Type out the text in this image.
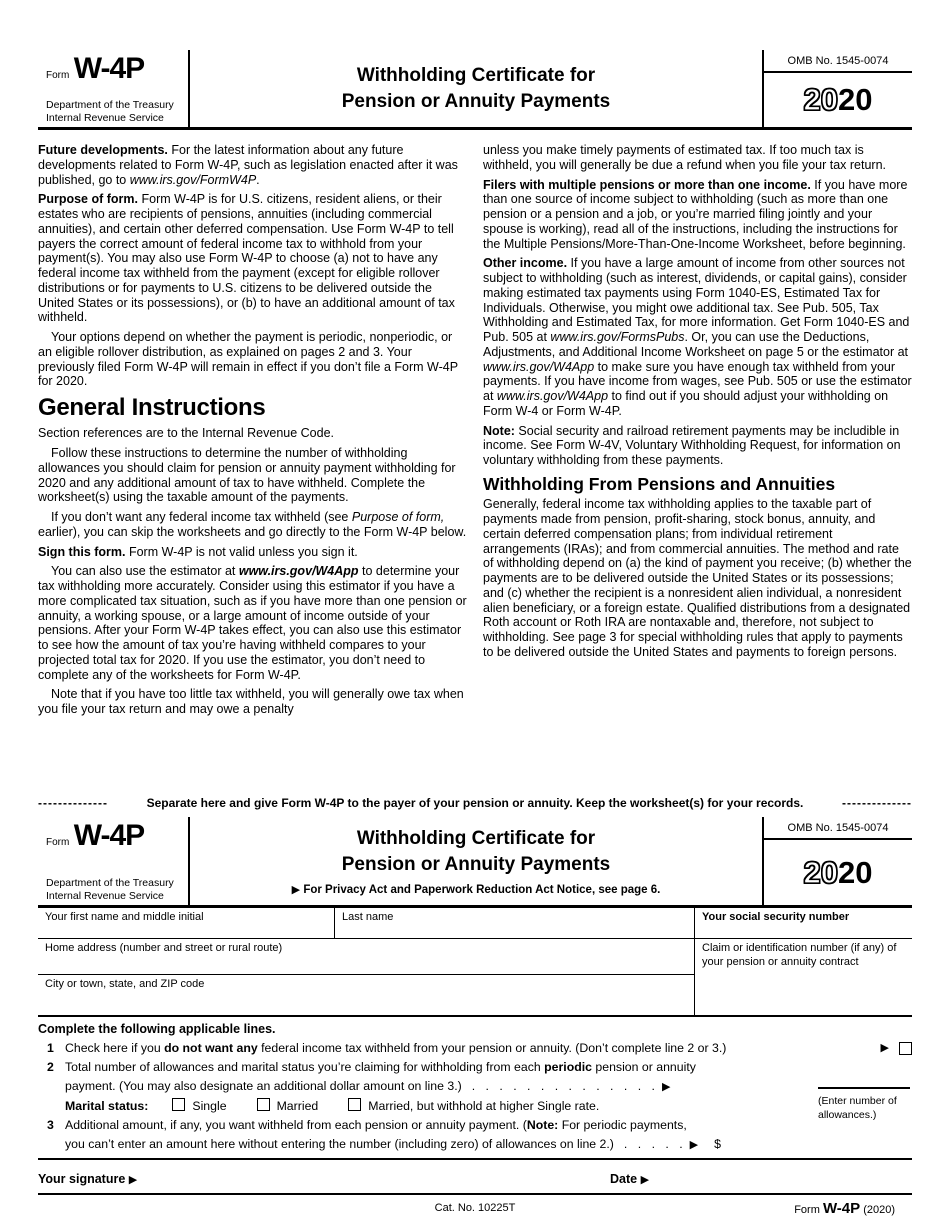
Form W-4P
Department of the Treasury
Internal Revenue Service
Withholding Certificate for
Pension or Annuity Payments
OMB No. 1545-0074
20 20

Future developments. For the latest information about any future developments related to Form W-4P, such as legislation enacted after it was published, go to www.irs.gov/FormW4P.

Purpose of form. Form W-4P is for U.S. citizens, resident aliens, or their estates who are recipients of pensions, annuities (including commercial annuities), and certain other deferred compensation. Use Form W-4P to tell payers the correct amount of federal income tax to withhold from your payment(s). You may also use Form W-4P to choose (a) not to have any federal income tax withheld from the payment (except for eligible rollover distributions or for payments to U.S. citizens to be delivered outside the United States or its possessions), or (b) to have an additional amount of tax withheld.

Your options depend on whether the payment is periodic, nonperiodic, or an eligible rollover distribution, as explained on pages 2 and 3. Your previously filed Form W-4P will remain in effect if you don’t file a Form W-4P for 2020.

General Instructions

Section references are to the Internal Revenue Code.

Follow these instructions to determine the number of withholding allowances you should claim for pension or annuity payment withholding for 2020 and any additional amount of tax to have withheld. Complete the worksheet(s) using the taxable amount of the payments.

If you don’t want any federal income tax withheld (see Purpose of form, earlier), you can skip the worksheets and go directly to the Form W-4P below.

Sign this form. Form W-4P is not valid unless you sign it.

You can also use the estimator at www.irs.gov/W4App to determine your tax withholding more accurately. Consider using this estimator if you have a more complicated tax situation, such as if you have more than one pension or annuity, a working spouse, or a large amount of income outside of your pensions. After your Form W-4P takes effect, you can also use this estimator to see how the amount of tax you’re having withheld compares to your projected total tax for 2020. If you use the estimator, you don’t need to complete any of the worksheets for Form W-4P.

Note that if you have too little tax withheld, you will generally owe tax when you file your tax return and may owe a penalty

unless you make timely payments of estimated tax. If too much tax is withheld, you will generally be due a refund when you file your tax return.

Filers with multiple pensions or more than one income. If you have more than one source of income subject to withholding (such as more than one pension or a pension and a job, or you’re married filing jointly and your spouse is working), read all of the instructions, including the instructions for the Multiple Pensions/More-Than-One-Income Worksheet, before beginning.

Other income. If you have a large amount of income from other sources not subject to withholding (such as interest, dividends, or capital gains), consider making estimated tax payments using Form 1040-ES, Estimated Tax for Individuals. Otherwise, you might owe additional tax. See Pub. 505, Tax Withholding and Estimated Tax, for more information. Get Form 1040-ES and Pub. 505 at www.irs.gov/FormsPubs. Or, you can use the Deductions, Adjustments, and Additional Income Worksheet on page 5 or the estimator at www.irs.gov/W4App to make sure you have enough tax withheld from your payments. If you have income from wages, see Pub. 505 or use the estimator at www.irs.gov/W4App to find out if you should adjust your withholding on Form W-4 or Form W-4P.

Note: Social security and railroad retirement payments may be includible in income. See Form W-4V, Voluntary Withholding Request, for information on voluntary withholding from these payments.

Withholding From Pensions and Annuities

Generally, federal income tax withholding applies to the taxable part of payments made from pension, profit-sharing, stock bonus, annuity, and certain deferred compensation plans; from individual retirement arrangements (IRAs); and from commercial annuities. The method and rate of withholding depend on (a) the kind of payment you receive; (b) whether the payments are to be delivered outside the United States or its possessions; and (c) whether the recipient is a nonresident alien individual, a nonresident alien beneficiary, or a foreign estate. Qualified distributions from a designated Roth account or Roth IRA are nontaxable and, therefore, not subject to withholding. See page 3 for special withholding rules that apply to payments to be delivered outside the United States and payments to foreign persons.

--------------	Separate here and give Form W-4P to the payer of your pension or annuity. Keep the worksheet(s) for your records.	--------------
Form W-4P
Department of the Treasury
Internal Revenue Service
Withholding Certificate for
Pension or Annuity Payments
▶ For Privacy Act and Paperwork Reduction Act Notice, see page 6.
OMB No. 1545-0074
20 20
Your first name and middle initial	Last name	Your social security number
Home address (number and street or rural route)	Claim or identification number (if any) of your pension or annuity contract
City or town, state, and ZIP code
Complete the following applicable lines.
1 Check here if you do not want any federal income tax withheld from your pension or annuity. (Don’t complete line 2 or 3.)	▶
2 Total number of allowances and marital status you’re claiming for withholding from each periodic pension or annuity
payment. (You may also designate an additional dollar amount on line 3.) . . . . . . . . . . . . . . ▶
(Enter number of allowances.)
Marital status:	Single	Married	Married, but withhold at higher Single rate.
3 Additional amount, if any, you want withheld from each pension or annuity payment. (Note: For periodic payments,
you can’t enter an amount here without entering the number (including zero) of allowances on line 2.) . . . . . ▶ $
Your signature ▶	Date ▶
Cat. No. 10225T	Form W-4P (2020)
